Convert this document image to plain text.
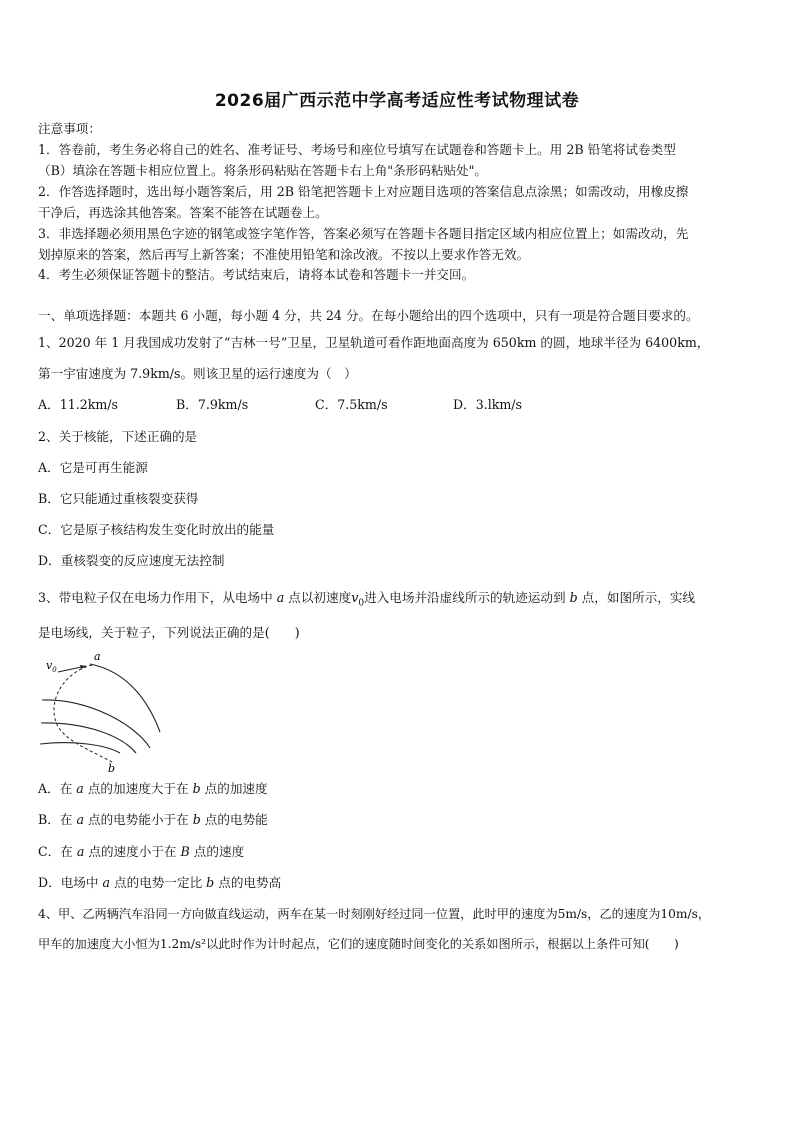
2026届广西示范中学高考适应性考试物理试卷
注意事项：
1．答卷前，考生务必将自己的姓名、准考证号、考场号和座位号填写在试题卷和答题卡上。用 2B 铅笔将试卷类型
（B）填涂在答题卡相应位置上。将条形码粘贴在答题卡右上角"条形码粘贴处"。
2．作答选择题时，选出每小题答案后，用 2B 铅笔把答题卡上对应题目选项的答案信息点涂黑；如需改动，用橡皮擦
干净后，再选涂其他答案。答案不能答在试题卷上。
3．非选择题必须用黑色字迹的钢笔或签字笔作答，答案必须写在答题卡各题目指定区域内相应位置上；如需改动，先
划掉原来的答案，然后再写上新答案；不准使用铅笔和涂改液。不按以上要求作答无效。
4．考生必须保证答题卡的整洁。考试结束后，请将本试卷和答题卡一并交回。
一、单项选择题：本题共 6 小题，每小题 4 分，共 24 分。在每小题给出的四个选项中，只有一项是符合题目要求的。
1、2020 年 1 月我国成功发射了“吉林一号”卫星，卫星轨道可看作距地面高度为 650km 的圆，地球半径为 6400km，
第一宇宙速度为 7.9km/s。则该卫星的运行速度为（　）
A．11.2km/s	B．7.9km/s	C．7.5km/s	D．3.lkm/s
2、关于核能，下述正确的是
A．它是可再生能源
B．它只能通过重核裂变获得
C．它是原子核结构发生变化时放出的能量
D．重核裂变的反应速度无法控制
3、带电粒子仅在电场力作用下，从电场中 a 点以初速度$v_0$进入电场并沿虚线所示的轨迹运动到 b 点，如图所示，实线
是电场线，关于粒子，下列说法正确的是(　　)
$v_0$
a
b
A．在 a 点的加速度大于在 b 点的加速度
B．在 a 点的电势能小于在 b 点的电势能
C．在 a 点的速度小于在 B 点的速度
D．电场中 a 点的电势一定比 b 点的电势高
4、甲、乙两辆汽车沿同一方向做直线运动，两车在某一时刻刚好经过同一位置，此时甲的速度为5m/s，乙的速度为10m/s，
甲车的加速度大小恒为1.2m/s²以此时作为计时起点，它们的速度随时间变化的关系如图所示，根据以上条件可知(　　)
